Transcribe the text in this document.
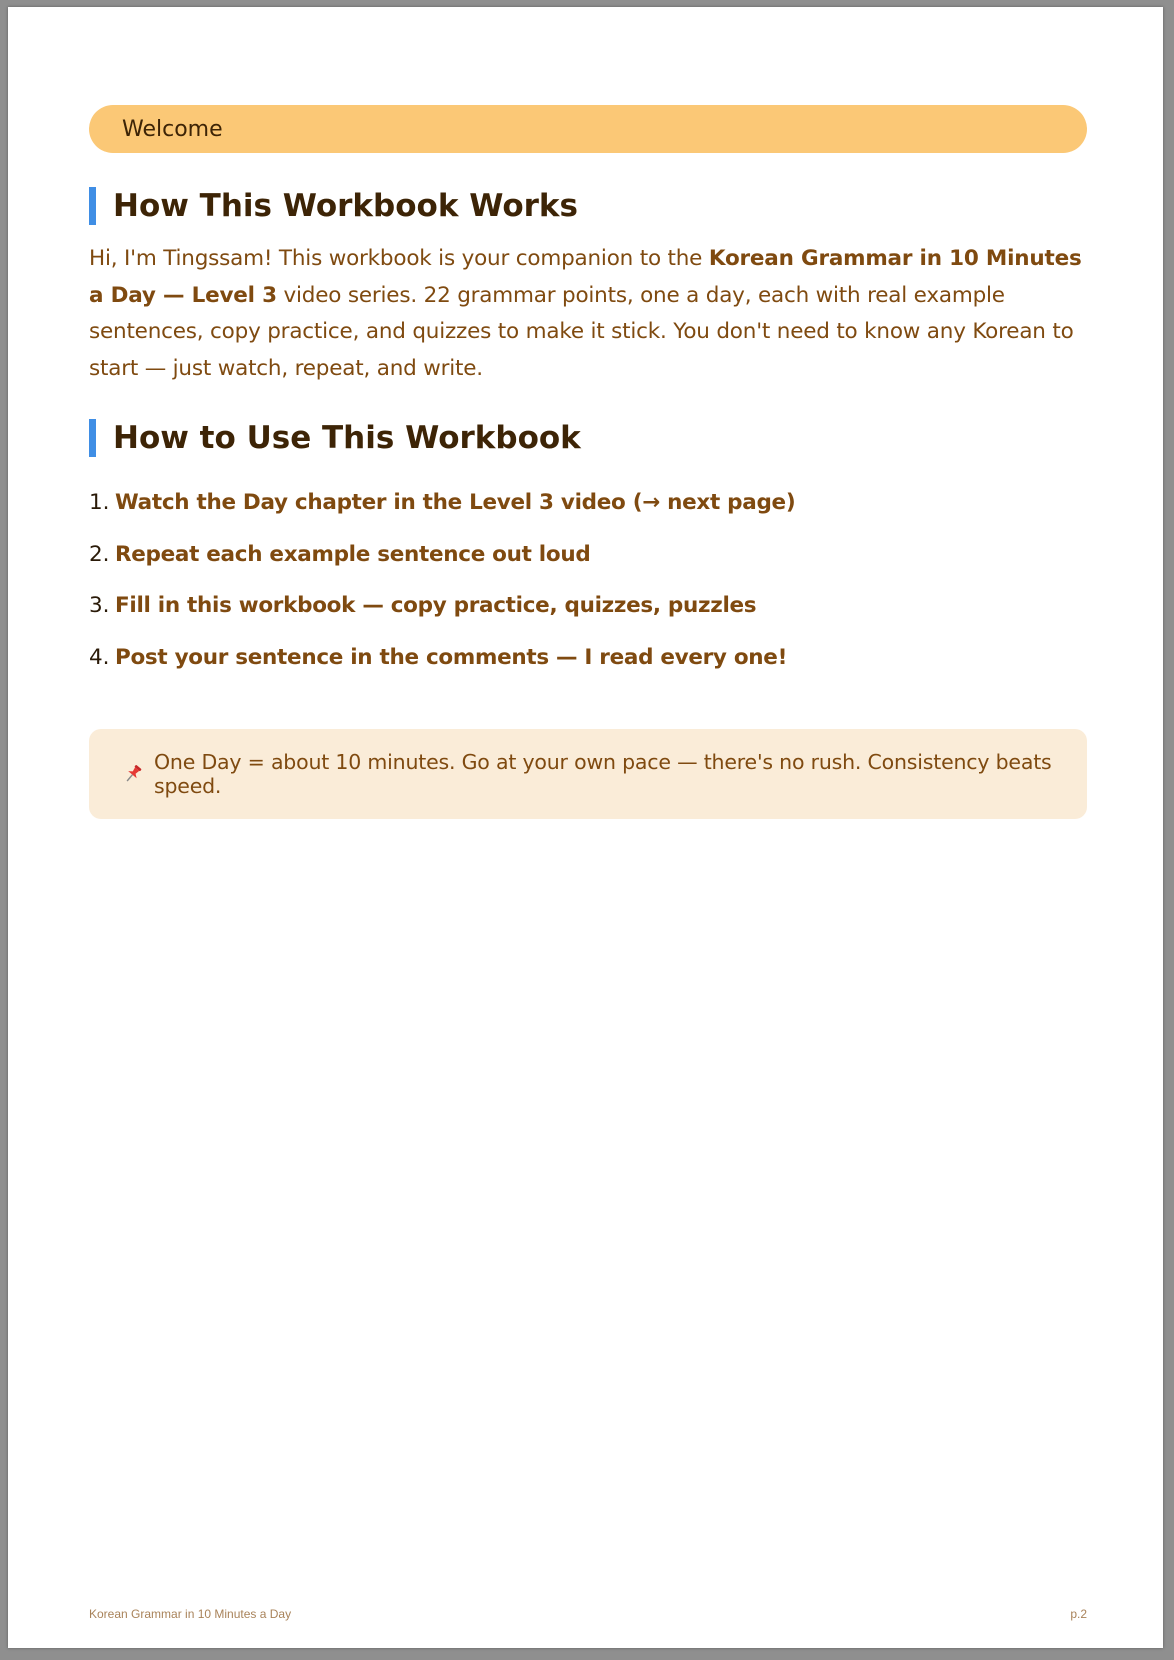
Welcome
How This Workbook Works

Hi, I'm Tingssam! This workbook is your companion to the Korean Grammar in 10 Minutes a Day — Level 3 video series. 22 grammar points, one a day, each with real example sentences, copy practice, and quizzes to make it stick. You don't need to know any Korean to start — just watch, repeat, and write.

How to Use This Workbook
1. Watch the Day chapter in the Level 3 video (→ next page)
2. Repeat each example sentence out loud
3. Fill in this workbook — copy practice, quizzes, puzzles
4. Post your sentence in the comments — I read every one!
One Day = about 10 minutes. Go at your own pace — there's no rush. Consistency beats speed.
Korean Grammar in 10 Minutes a Day	p.2
